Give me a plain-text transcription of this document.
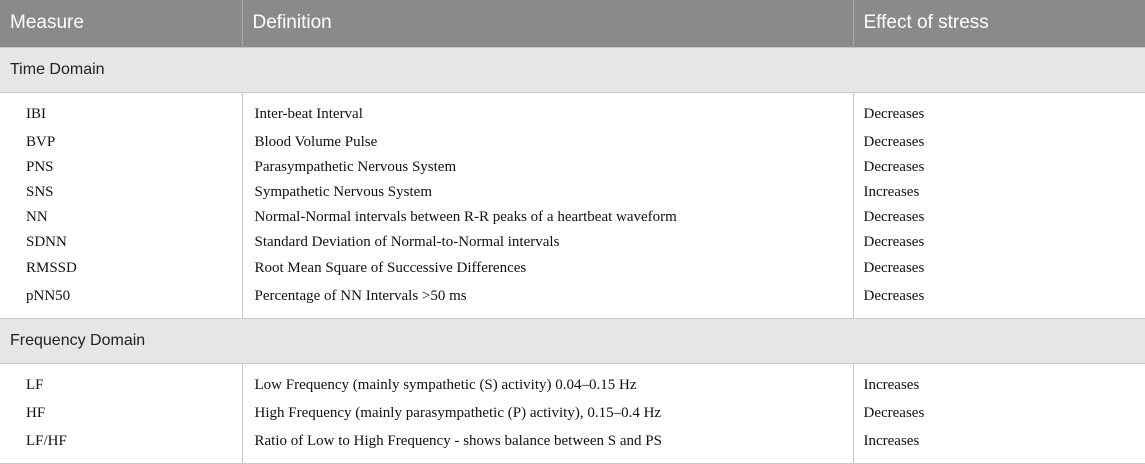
Measure	Definition	Effect of stress
Time Domain		
IBI	Inter-beat Interval	Decreases
BVP	Blood Volume Pulse	Decreases
PNS	Parasympathetic Nervous System	Decreases
SNS	Sympathetic Nervous System	Increases
NN	Normal-Normal intervals between R-R peaks of a heartbeat waveform	Decreases
SDNN	Standard Deviation of Normal-to-Normal intervals	Decreases
RMSSD	Root Mean Square of Successive Differences	Decreases
pNN50	Percentage of NN Intervals >50 ms	Decreases
Frequency Domain		
LF	Low Frequency (mainly sympathetic (S) activity) 0.04–0.15 Hz	Increases
HF	High Frequency (mainly parasympathetic (P) activity), 0.15–0.4 Hz	Decreases
LF/HF	Ratio of Low to High Frequency - shows balance between S and PS	Increases
